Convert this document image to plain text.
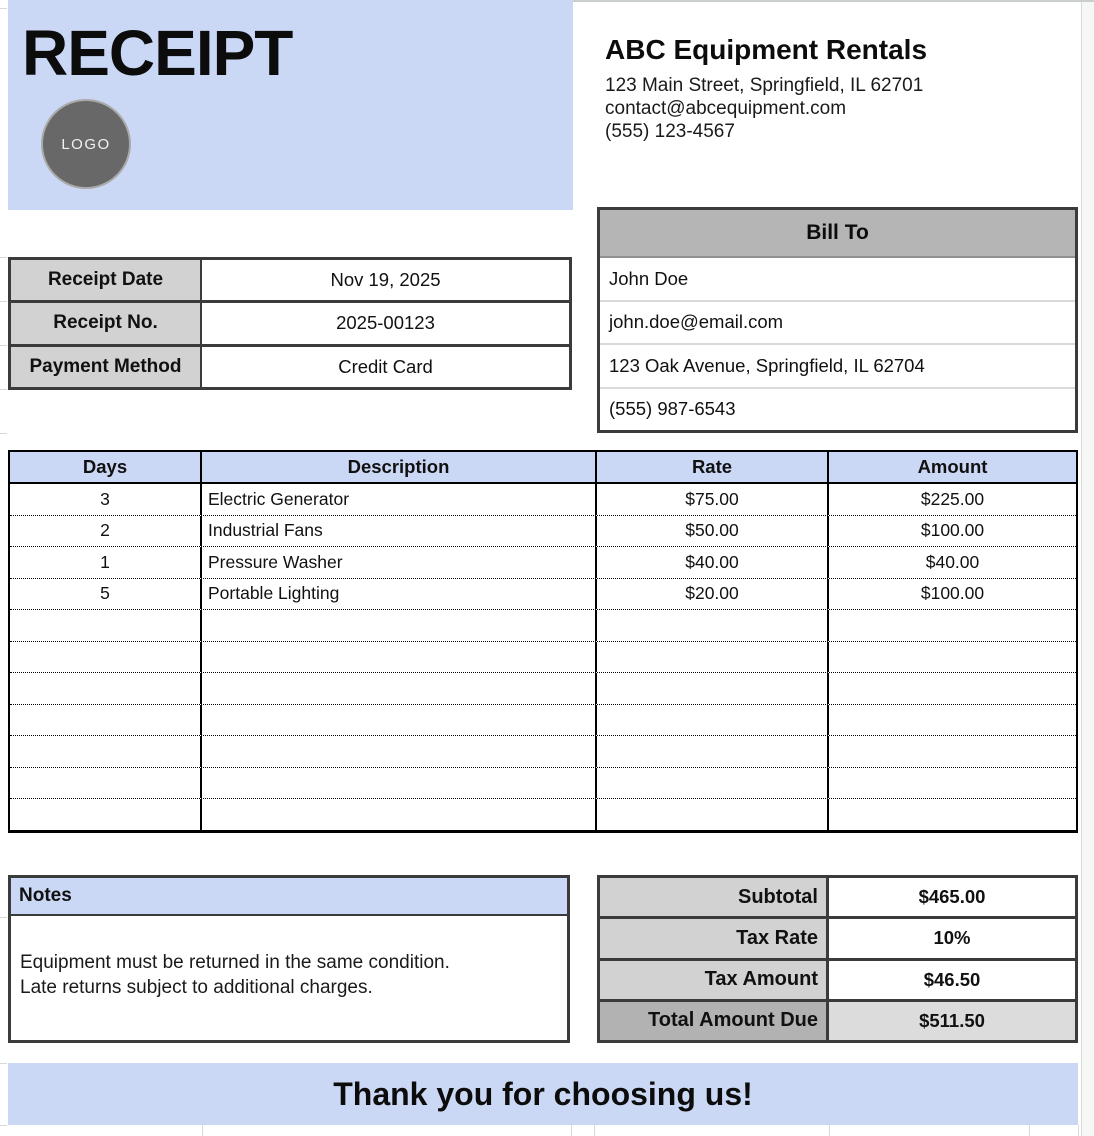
RECEIPT
LOGO
ABC Equipment Rentals
123 Main Street, Springfield, IL 62701
contact@abcequipment.com
(555) 123-4567
Receipt Date	Nov 19, 2025
Receipt No.	2025-00123
Payment Method	Credit Card
Bill To
John Doe
john.doe@email.com
123 Oak Avenue, Springfield, IL 62704
(555) 987-6543
Days	Description	Rate	Amount
3	Electric Generator	$75.00	$225.00
2	Industrial Fans	$50.00	$100.00
1	Pressure Washer	$40.00	$40.00
5	Portable Lighting	$20.00	$100.00
Notes
Equipment must be returned in the same condition.
Late returns subject to additional charges.
Subtotal	$465.00
Tax Rate	10%
Tax Amount	$46.50
Total Amount Due	$511.50
Thank you for choosing us!
